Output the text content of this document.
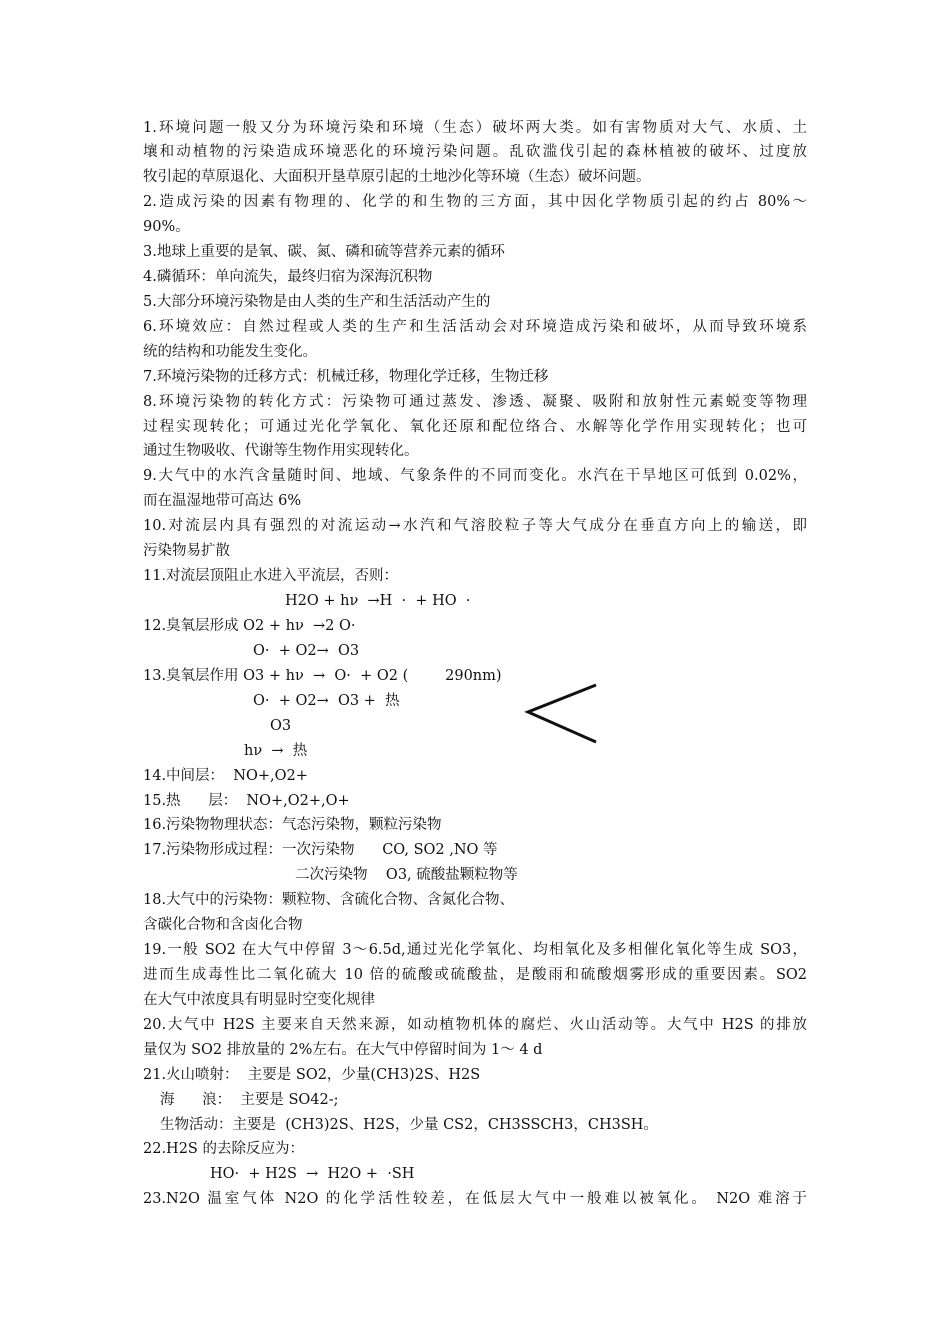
1.环境问题一般又分为环境污染和环境（生态）破坏两大类。如有害物质对大气、水质、土
壤和动植物的污染造成环境恶化的环境污染问题。乱砍滥伐引起的森林植被的破坏、过度放
牧引起的草原退化、大面积开垦草原引起的土地沙化等环境（生态）破坏问题。
2.造成污染的因素有物理的、化学的和生物的三方面，其中因化学物质引起的约占 80%～
90%。
3.地球上重要的是氧、碳、氮、磷和硫等营养元素的循环
4.磷循环：单向流失，最终归宿为深海沉积物
5.大部分环境污染物是由人类的生产和生活活动产生的
6.环境效应：自然过程或人类的生产和生活活动会对环境造成污染和破坏，从而导致环境系
统的结构和功能发生变化。
7.环境污染物的迁移方式：机械迁移，物理化学迁移，生物迁移
8.环境污染物的转化方式：污染物可通过蒸发、渗透、凝聚、吸附和放射性元素蜕变等物理
过程实现转化；可通过光化学氧化、氧化还原和配位络合、水解等化学作用实现转化；也可
通过生物吸收、代谢等生物作用实现转化。
9.大气中的水汽含量随时间、地域、气象条件的不同而变化。水汽在干旱地区可低到 0.02%，
而在温湿地带可高达 6%
10.对流层内具有强烈的对流运动→水汽和气溶胶粒子等大气成分在垂直方向上的输送，即
污染物易扩散
11.对流层顶阻止水进入平流层，否则：
H2O + hν  →H  ·  + HO  ·
12.臭氧层形成 O2 + hν  →2 O·
O·  + O2→  O3
13.臭氧层作用 O3 + hν  →  O·  + O2 (        290nm)
O·  + O2→  O3 +  热
O3
hν  →  热
14.中间层：  NO+,O2+
15.热      层：  NO+,O2+,O+
16.污染物物理状态：气态污染物，颗粒污染物
17.污染物形成过程：一次污染物      CO, SO2 ,NO 等
二次污染物    O3, 硫酸盐颗粒物等
18.大气中的污染物：颗粒物、含硫化合物、含氮化合物、
含碳化合物和含卤化合物
19.一般 SO2 在大气中停留 3～6.5d,通过光化学氧化、均相氧化及多相催化氧化等生成 SO3，
进而生成毒性比二氧化硫大 10 倍的硫酸或硫酸盐，是酸雨和硫酸烟雾形成的重要因素。SO2
在大气中浓度具有明显时空变化规律
20.大气中 H2S 主要来自天然来源，如动植物机体的腐烂、火山活动等。大气中 H2S 的排放
量仅为 SO2 排放量的 2%左右。在大气中停留时间为 1～ 4 d
21.火山喷射：  主要是 SO2，少量(CH3)2S、H2S
海      浪：  主要是 SO42-;
生物活动：主要是  (CH3)2S、H2S，少量 CS2，CH3SSCH3，CH3SH。
22.H2S 的去除反应为：
HO·  + H2S  →  H2O +  ·SH
23.N2O 温室气体 N2O 的化学活性较差，在低层大气中一般难以被氧化。 N2O 难溶于
